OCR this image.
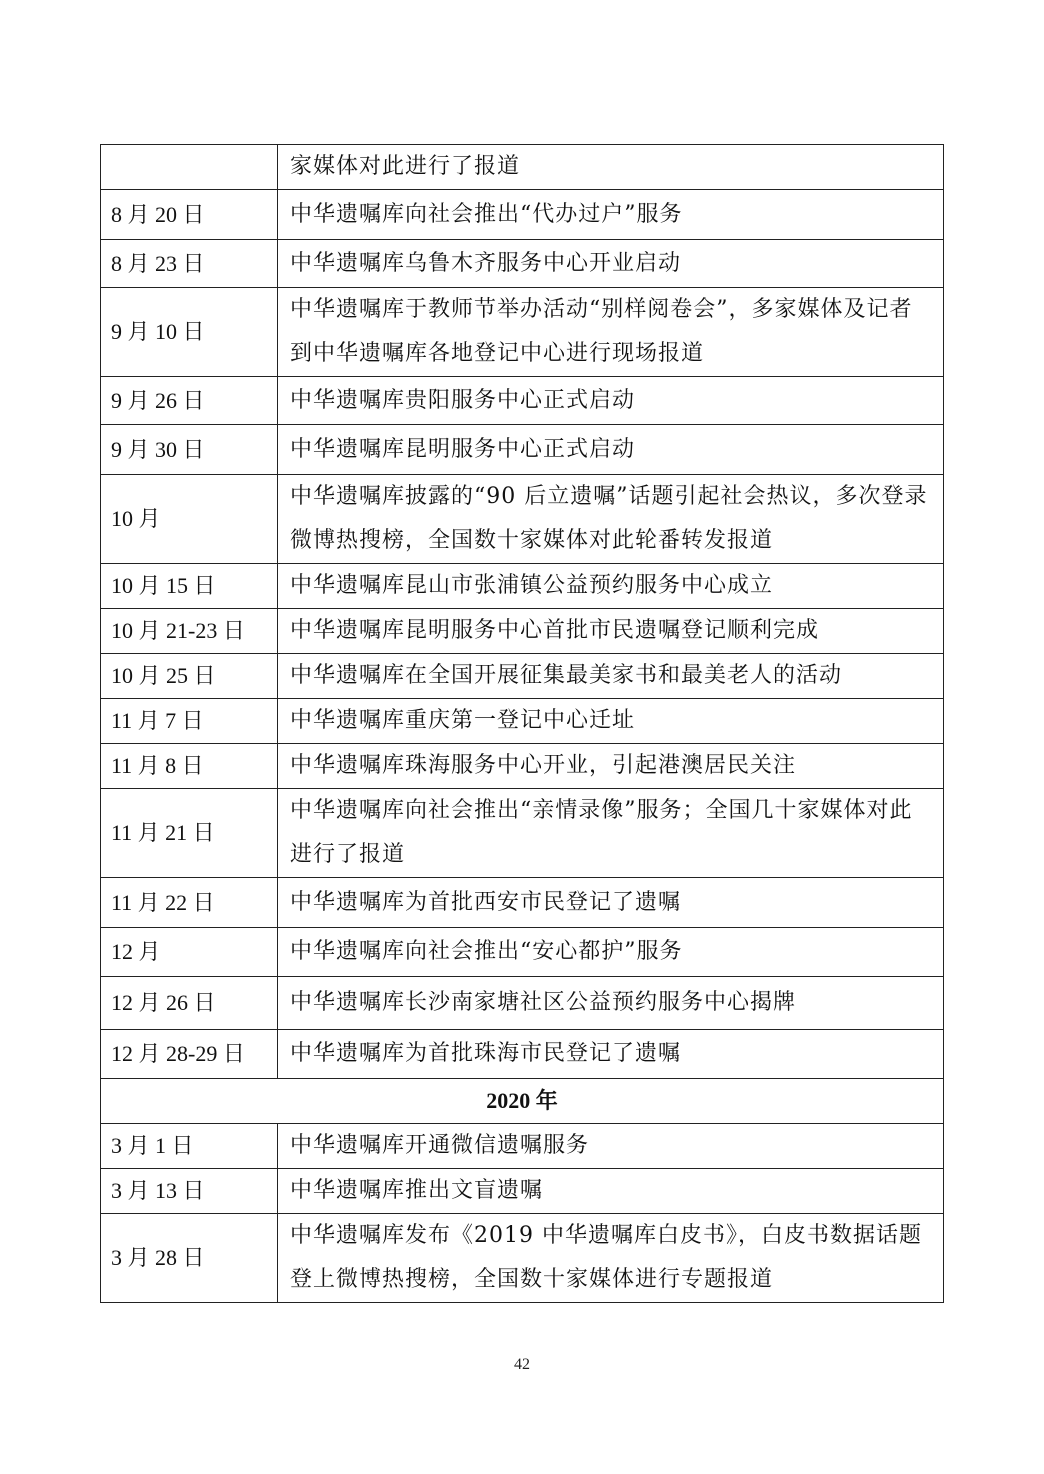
	家媒体对此进行了报道
8 月 20 日	中华遗嘱库向社会推出“代办过户”服务
8 月 23 日	中华遗嘱库乌鲁木齐服务中心开业启动
9 月 10 日	中华遗嘱库于教师节举办活动“别样阅卷会”，多家媒体及记者到中华遗嘱库各地登记中心进行现场报道
9 月 26 日	中华遗嘱库贵阳服务中心正式启动
9 月 30 日	中华遗嘱库昆明服务中心正式启动
10 月	中华遗嘱库披露的“90 后立遗嘱”话题引起社会热议，多次登录微博热搜榜，全国数十家媒体对此轮番转发报道
10 月 15 日	中华遗嘱库昆山市张浦镇公益预约服务中心成立
10 月 21-23 日	中华遗嘱库昆明服务中心首批市民遗嘱登记顺利完成
10 月 25 日	中华遗嘱库在全国开展征集最美家书和最美老人的活动
11 月 7 日	中华遗嘱库重庆第一登记中心迁址
11 月 8 日	中华遗嘱库珠海服务中心开业，引起港澳居民关注
11 月 21 日	中华遗嘱库向社会推出“亲情录像”服务；全国几十家媒体对此进行了报道
11 月 22 日	中华遗嘱库为首批西安市民登记了遗嘱
12 月	中华遗嘱库向社会推出“安心都护”服务
12 月 26 日	中华遗嘱库长沙南家塘社区公益预约服务中心揭牌
12 月 28-29 日	中华遗嘱库为首批珠海市民登记了遗嘱
2020 年	
3 月 1 日	中华遗嘱库开通微信遗嘱服务
3 月 13 日	中华遗嘱库推出文盲遗嘱
3 月 28 日	中华遗嘱库发布《2019 中华遗嘱库白皮书》，白皮书数据话题登上微博热搜榜，全国数十家媒体进行专题报道
42
